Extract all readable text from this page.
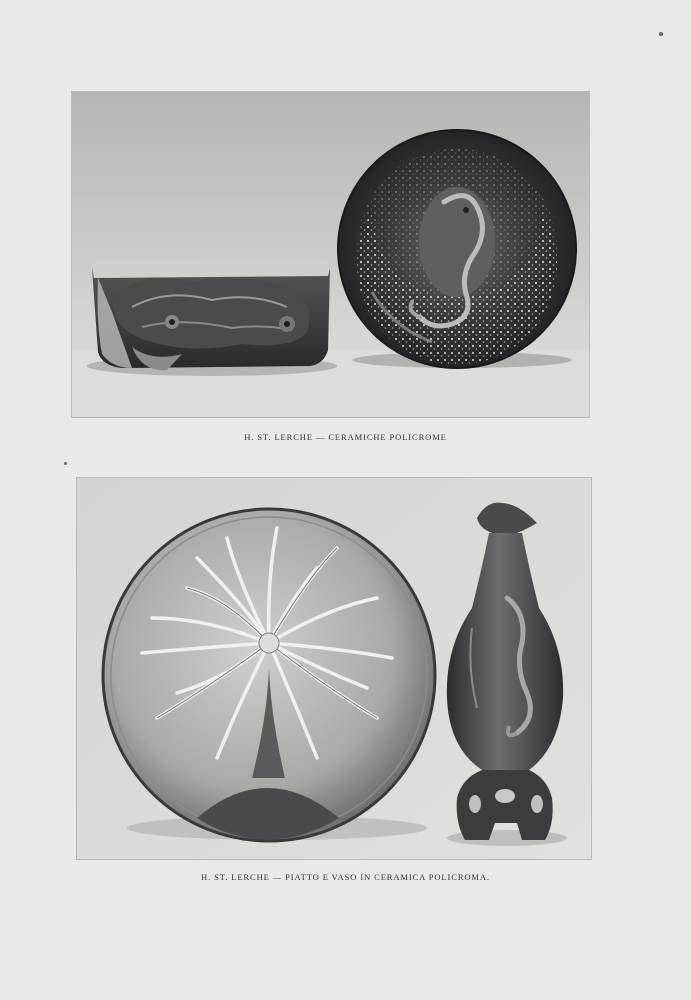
H. ST. LERCHE — CERAMICHE POLICROME
H. ST. LERCHE — PIATTO E VASO IN CERAMICA POLICROMA.
